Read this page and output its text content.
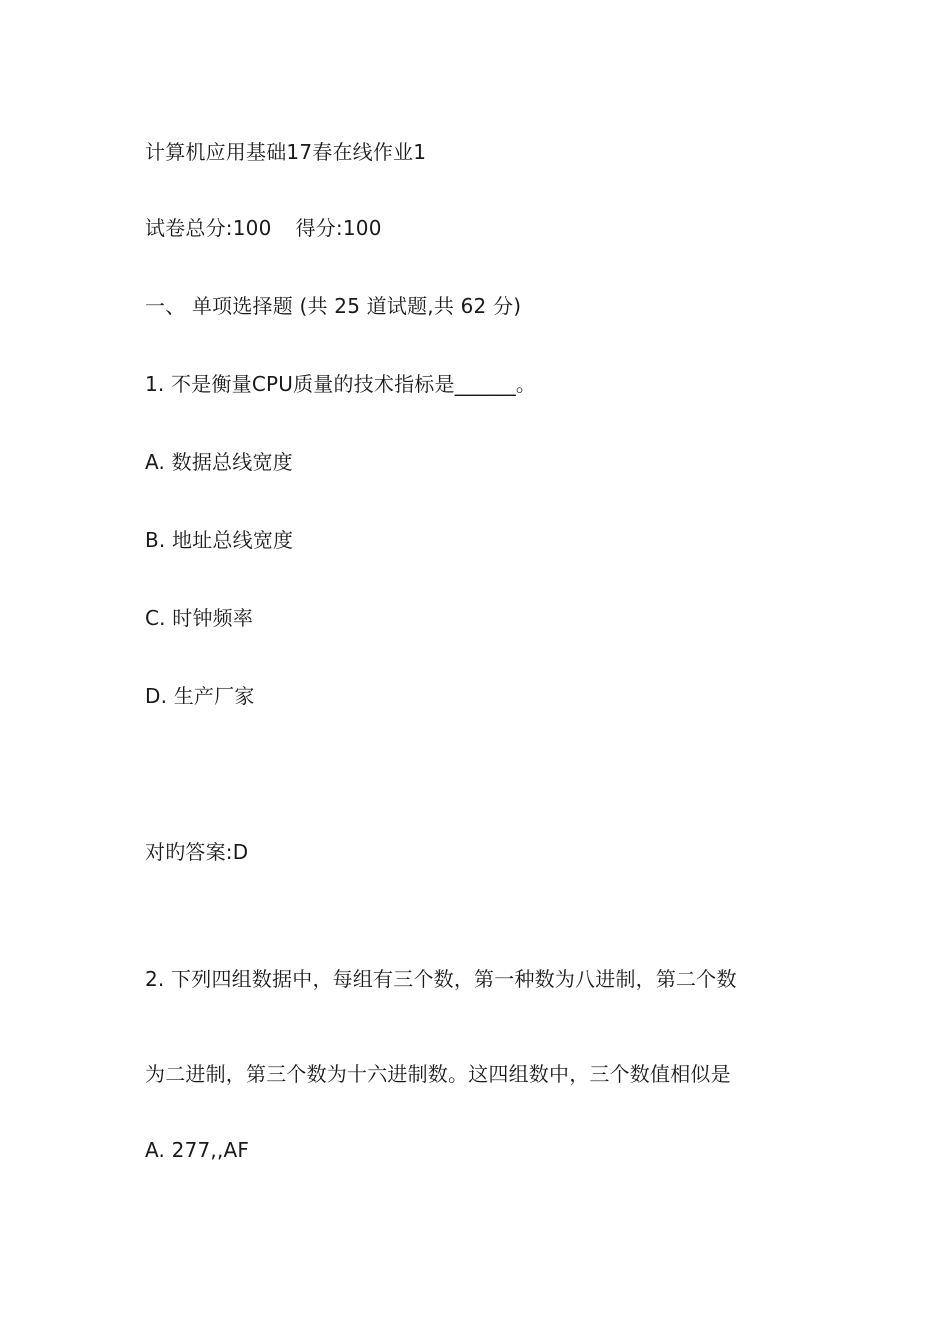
计算机应用基础17春在线作业1
试卷总分:100 得分:100
一、 单项选择题 (共 25 道试题,共 62 分)
1. 不是衡量CPU质量的技术指标是______。
A. 数据总线宽度
B. 地址总线宽度
C. 时钟频率
D. 生产厂家
对旳答案:D
2. 下列四组数据中，每组有三个数，第一种数为八进制，第二个数
为二进制，第三个数为十六进制数。这四组数中，三个数值相似是
A. 277,,AF
